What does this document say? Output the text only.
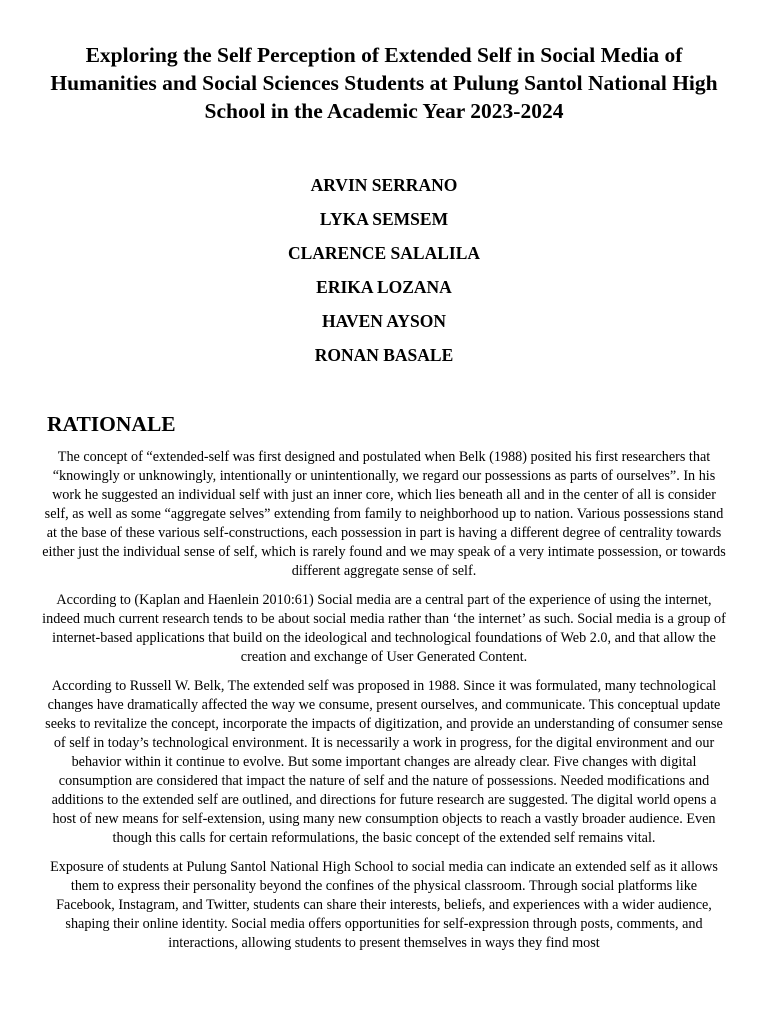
Exploring the Self Perception of Extended Self in Social Media of Humanities and Social Sciences Students at Pulung Santol National High School in the Academic Year 2023-2024
ARVIN SERRANO
LYKA SEMSEM
CLARENCE SALALILA
ERIKA LOZANA
HAVEN AYSON
RONAN BASALE
RATIONALE

The concept of “extended-self was first designed and postulated when Belk (1988) posited his first researchers that “knowingly or unknowingly, intentionally or unintentionally, we regard our possessions as parts of ourselves”. In his work he suggested an individual self with just an inner core, which lies beneath all and in the center of all is consider self, as well as some “aggregate selves” extending from family to neighborhood up to nation. Various possessions stand at the base of these various self-constructions, each possession in part is having a different degree of centrality towards either just the individual sense of self, which is rarely found and we may speak of a very intimate possession, or towards different aggregate sense of self.

According to (Kaplan and Haenlein 2010:61) Social media are a central part of the experience of using the internet, indeed much current research tends to be about social media rather than ‘the internet’ as such. Social media is a group of internet-based applications that build on the ideological and technological foundations of Web 2.0, and that allow the creation and exchange of User Generated Content.

According to Russell W. Belk, The extended self was proposed in 1988. Since it was formulated, many technological changes have dramatically affected the way we consume, present ourselves, and communicate. This conceptual update seeks to revitalize the concept, incorporate the impacts of digitization, and provide an understanding of consumer sense of self in today’s technological environment. It is necessarily a work in progress, for the digital environment and our behavior within it continue to evolve. But some important changes are already clear. Five changes with digital consumption are considered that impact the nature of self and the nature of possessions. Needed modifications and additions to the extended self are outlined, and directions for future research are suggested. The digital world opens a host of new means for self-extension, using many new consumption objects to reach a vastly broader audience. Even though this calls for certain reformulations, the basic concept of the extended self remains vital.

Exposure of students at Pulung Santol National High School to social media can indicate an extended self as it allows them to express their personality beyond the confines of the physical classroom. Through social platforms like Facebook, Instagram, and Twitter, students can share their interests, beliefs, and experiences with a wider audience, shaping their online identity. Social media offers opportunities for self-expression through posts, comments, and interactions, allowing students to present themselves in ways they find most
